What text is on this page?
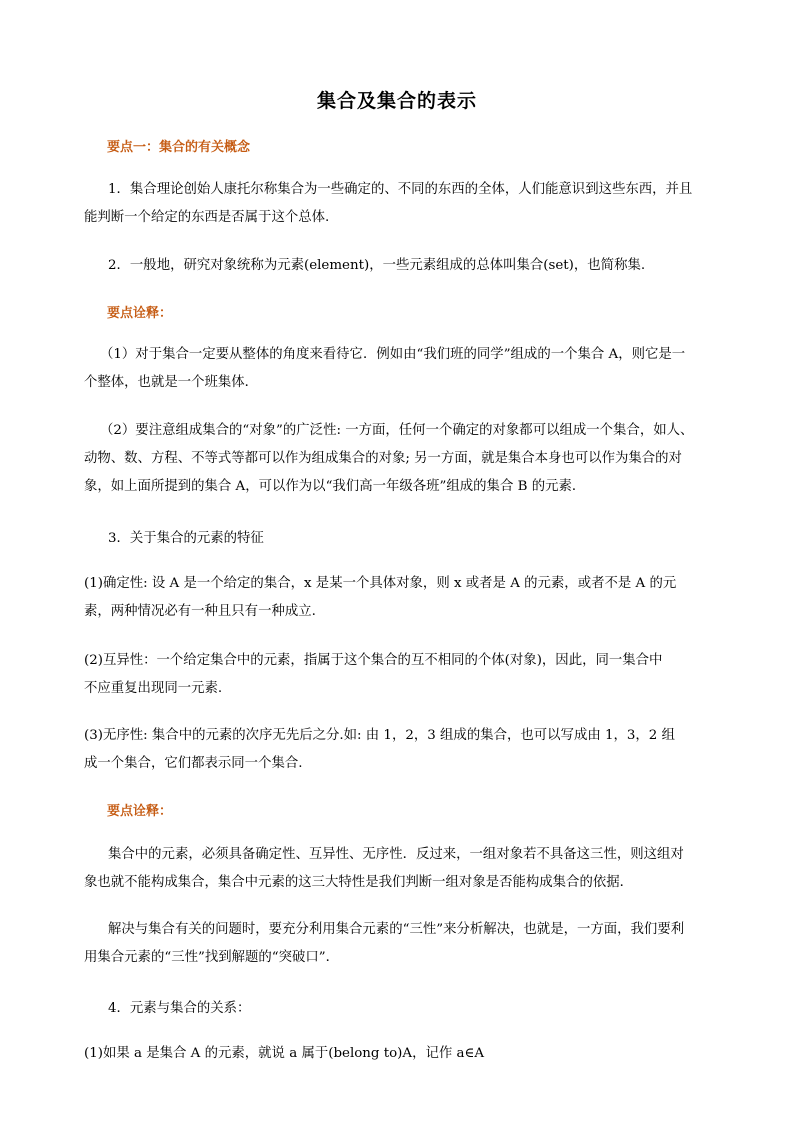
集合及集合的表示
要点一：集合的有关概念
1．集合理论创始人康托尔称集合为一些确定的、不同的东西的全体，人们能意识到这些东西，并且
能判断一个给定的东西是否属于这个总体.
2．一般地，研究对象统称为元素(element)，一些元素组成的总体叫集合(set)，也简称集.
要点诠释：
（1）对于集合一定要从整体的角度来看待它．例如由“我们班的同学”组成的一个集合 A，则它是一
个整体，也就是一个班集体．
（2）要注意组成集合的“对象”的广泛性: 一方面，任何一个确定的对象都可以组成一个集合，如人、
动物、数、方程、不等式等都可以作为组成集合的对象; 另一方面，就是集合本身也可以作为集合的对
象，如上面所提到的集合 A，可以作为以“我们高一年级各班”组成的集合 B 的元素．
3．关于集合的元素的特征
(1)确定性: 设 A 是一个给定的集合，x 是某一个具体对象，则 x 或者是 A 的元素，或者不是 A 的元
素，两种情况必有一种且只有一种成立.
(2)互异性：一个给定集合中的元素，指属于这个集合的互不相同的个体(对象)，因此，同一集合中
不应重复出现同一元素.
(3)无序性: 集合中的元素的次序无先后之分.如: 由 1，2，3 组成的集合，也可以写成由 1，3，2 组
成一个集合，它们都表示同一个集合.
要点诠释：
集合中的元素，必须具备确定性、互异性、无序性．反过来，一组对象若不具备这三性，则这组对
象也就不能构成集合，集合中元素的这三大特性是我们判断一组对象是否能构成集合的依据．
解决与集合有关的问题时，要充分利用集合元素的“三性”来分析解决，也就是，一方面，我们要利
用集合元素的“三性”找到解题的“突破口”．
4．元素与集合的关系：
(1)如果 a 是集合 A 的元素，就说 a 属于(belong to)A，记作 a∈A
